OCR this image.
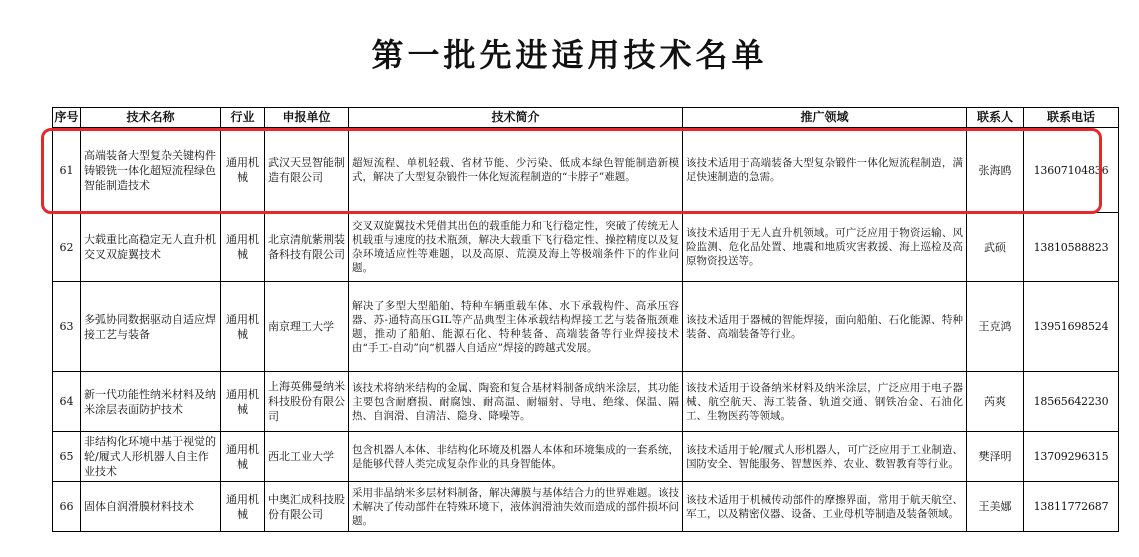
第一批先进适用技术名单
序号	技术名称	行业	申报单位	技术简介	推广领域	联系人	联系电话
61	高端装备大型复杂关键构件铸锻铣一体化超短流程绿色智能制造技术	通用机械	武汉天昱智能制造有限公司	超短流程、单机轻载、省材节能、少污染、低成本绿色智能制造新模式，解决了大型复杂锻件一体化短流程制造的“卡脖子”难题。	该技术适用于高端装备大型复杂锻件一体化短流程制造，满足快速制造的急需。	张海鸥	13607104836
62	大载重比高稳定无人直升机交叉双旋翼技术	通用机械	北京清航紫荆装备科技有限公司	交叉双旋翼技术凭借其出色的载重能力和飞行稳定性，突破了传统无人机载重与速度的技术瓶颈，解决大载重下飞行稳定性、操控精度以及复杂环境适应性等难题，以及高原、荒漠及海上等极端条件下的作业问题。	该技术适用于无人直升机领域。可广泛应用于物资运输、风险监测、危化品处置、地震和地质灾害救援、海上巡检及高原物资投送等。	武硕	13810588823
63	多弧协同数据驱动自适应焊接工艺与装备	通用机械	南京理工大学	解决了多型大型船舶、特种车辆重载车体、水下承载构件、高承压容器、苏-通特高压GIL等产品典型主体承载结构焊接工艺与装备瓶颈难题，推动了船舶、能源石化、特种装备、高端装备等行业焊接技术由“手工-自动”向“机器人自适应”焊接的跨越式发展。	该技术适用于器械的智能焊接，面向船舶、石化能源、特种装备、高端装备等行业。	王克鸿	13951698524
64	新一代功能性纳米材料及纳米涂层表面防护技术	通用机械	上海英佛曼纳米科技股份有限公司	该技术将纳米结构的金属、陶瓷和复合基材料制备成纳米涂层，其功能主要包含耐磨损、耐腐蚀、耐高温、耐辐射、导电、绝缘、保温、隔热、自润滑、自清洁、隐身、降噪等。	该技术适用于设备纳米材料及纳米涂层，广泛应用于电子器械、航空航天、海工装备、轨道交通、钢铁冶金、石油化工、生物医药等领域。	芮爽	18565642230
65	非结构化环境中基于视觉的轮/履式人形机器人自主作业技术	通用机械	西北工业大学	包含机器人本体、非结构化环境及机器人本体和环境集成的一套系统，是能够代替人类完成复杂作业的具身智能体。	该技术适用于轮/履式人形机器人，可广泛应用于工业制造、国防安全、智能服务、智慧医养、农业、数智教育等行业。	樊泽明	13709296315
66	固体自润滑膜材料技术	通用机械	中奥汇成科技股份有限公司	采用非晶纳米多层材料制备，解决薄膜与基体结合力的世界难题。该技术解决了传动部件在特殊环境下，液体润滑油失效而造成的部件损坏问题。	该技术适用于机械传动部件的摩擦界面，常用于航天航空、军工，以及精密仪器、设备、工业母机等制造及装备领域。	王美娜	13811772687
